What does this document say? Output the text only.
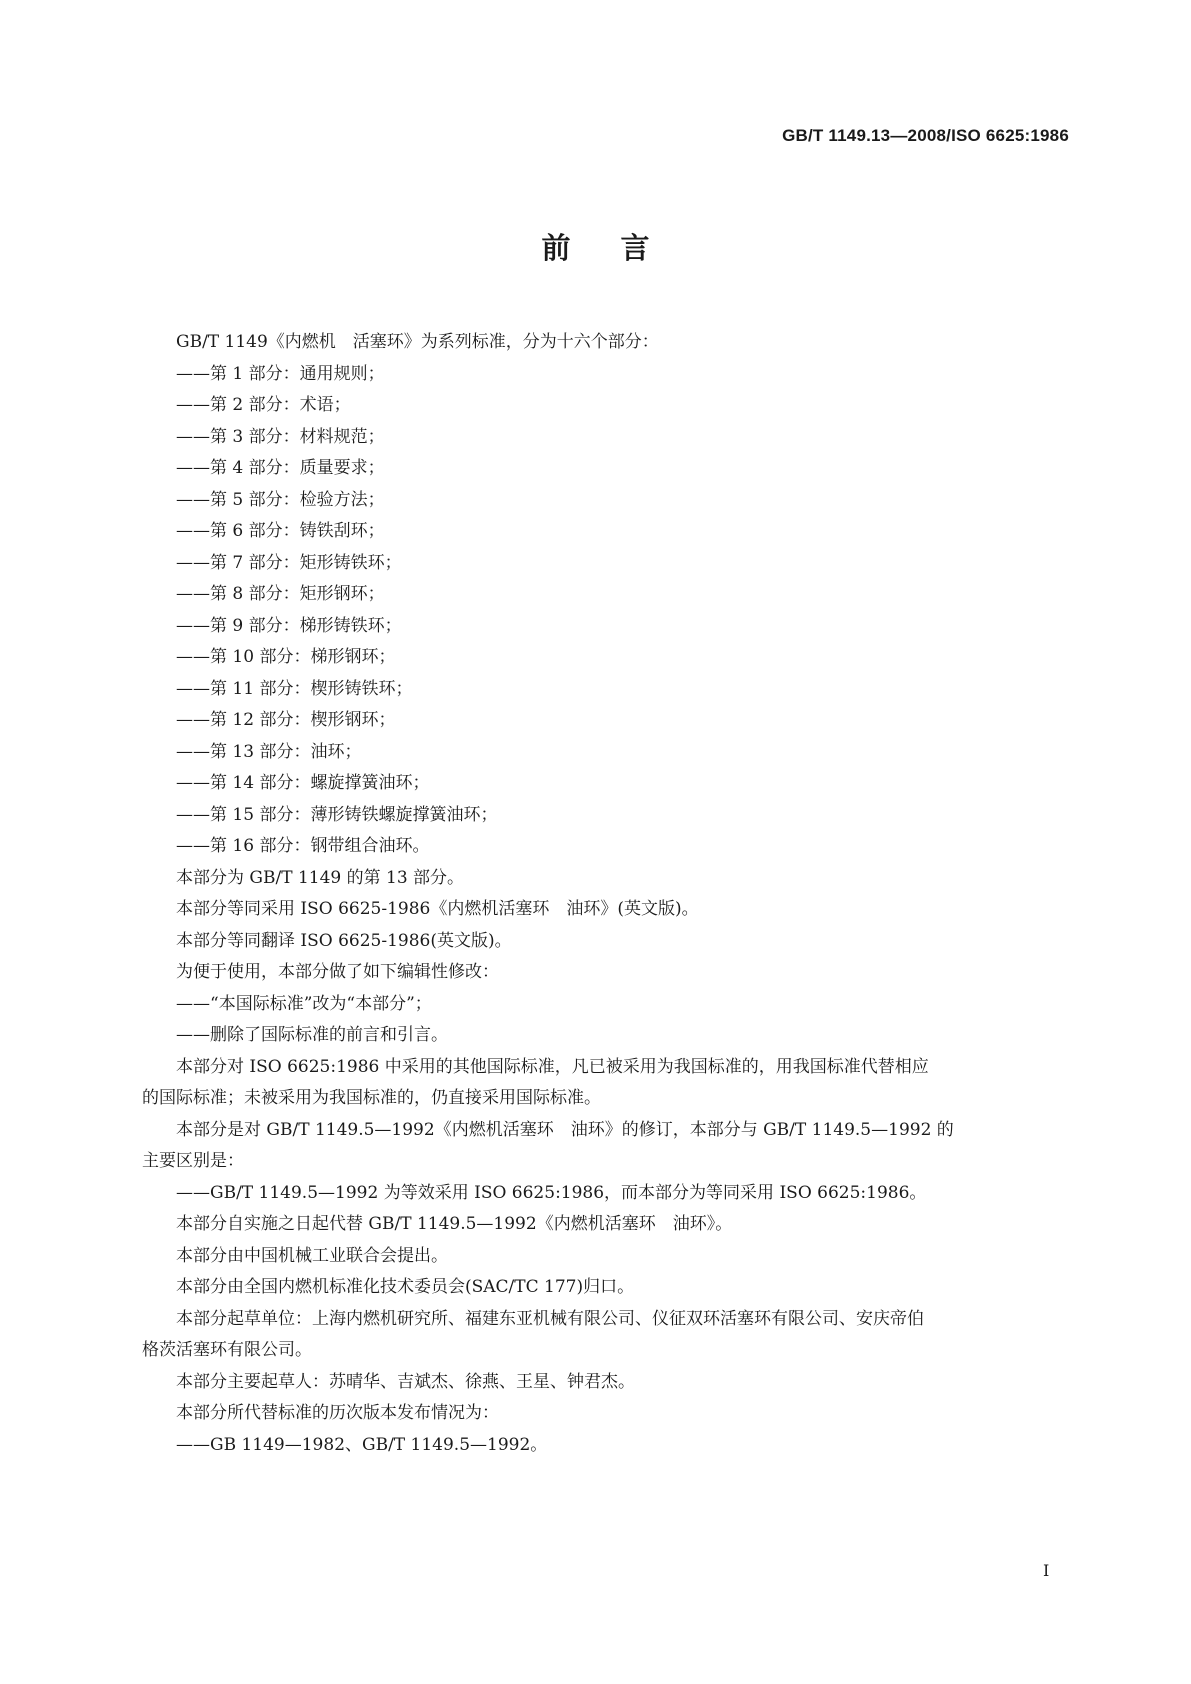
GB/T 1149.13—2008/ISO 6625:1986
前言
GB/T 1149《内燃机　活塞环》为系列标准，分为十六个部分：
——第 1 部分：通用规则；
——第 2 部分：术语；
——第 3 部分：材料规范；
——第 4 部分：质量要求；
——第 5 部分：检验方法；
——第 6 部分：铸铁刮环；
——第 7 部分：矩形铸铁环；
——第 8 部分：矩形钢环；
——第 9 部分：梯形铸铁环；
——第 10 部分：梯形钢环；
——第 11 部分：楔形铸铁环；
——第 12 部分：楔形钢环；
——第 13 部分：油环；
——第 14 部分：螺旋撑簧油环；
——第 15 部分：薄形铸铁螺旋撑簧油环；
——第 16 部分：钢带组合油环。
本部分为 GB/T 1149 的第 13 部分。
本部分等同采用 ISO 6625-1986《内燃机活塞环　油环》(英文版)。
本部分等同翻译 ISO 6625-1986(英文版)。
为便于使用，本部分做了如下编辑性修改：
——“本国际标准”改为“本部分”；
——删除了国际标准的前言和引言。
本部分对 ISO 6625:1986 中采用的其他国际标准，凡已被采用为我国标准的，用我国标准代替相应
的国际标准；未被采用为我国标准的，仍直接采用国际标准。
本部分是对 GB/T 1149.5—1992《内燃机活塞环　油环》的修订，本部分与 GB/T 1149.5—1992 的
主要区别是：
——GB/T 1149.5—1992 为等效采用 ISO 6625:1986，而本部分为等同采用 ISO 6625:1986。
本部分自实施之日起代替 GB/T 1149.5—1992《内燃机活塞环　油环》。
本部分由中国机械工业联合会提出。
本部分由全国内燃机标准化技术委员会(SAC/TC 177)归口。
本部分起草单位：上海内燃机研究所、福建东亚机械有限公司、仪征双环活塞环有限公司、安庆帝伯
格茨活塞环有限公司。
本部分主要起草人：苏晴华、吉斌杰、徐燕、王星、钟君杰。
本部分所代替标准的历次版本发布情况为：
——GB 1149—1982、GB/T 1149.5—1992。
I
